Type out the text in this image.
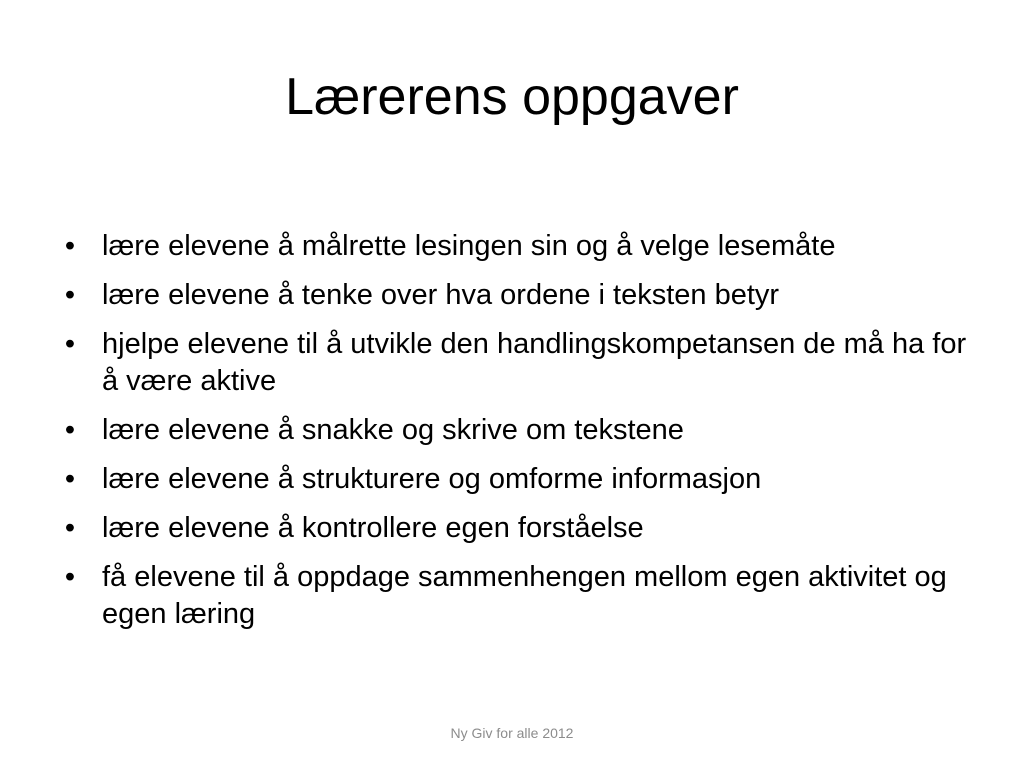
Lærerens oppgaver
• lære elevene å målrette lesingen sin og å velge lesemåte
• lære elevene å tenke over hva ordene i teksten betyr
• hjelpe elevene til å utvikle den handlingskompetansen de må ha for å være aktive
• lære elevene å snakke og skrive om tekstene
• lære elevene å strukturere og omforme informasjon
• lære elevene å kontrollere egen forståelse
• få elevene til å oppdage sammenhengen mellom egen aktivitet og egen læring
Ny Giv for alle 2012
